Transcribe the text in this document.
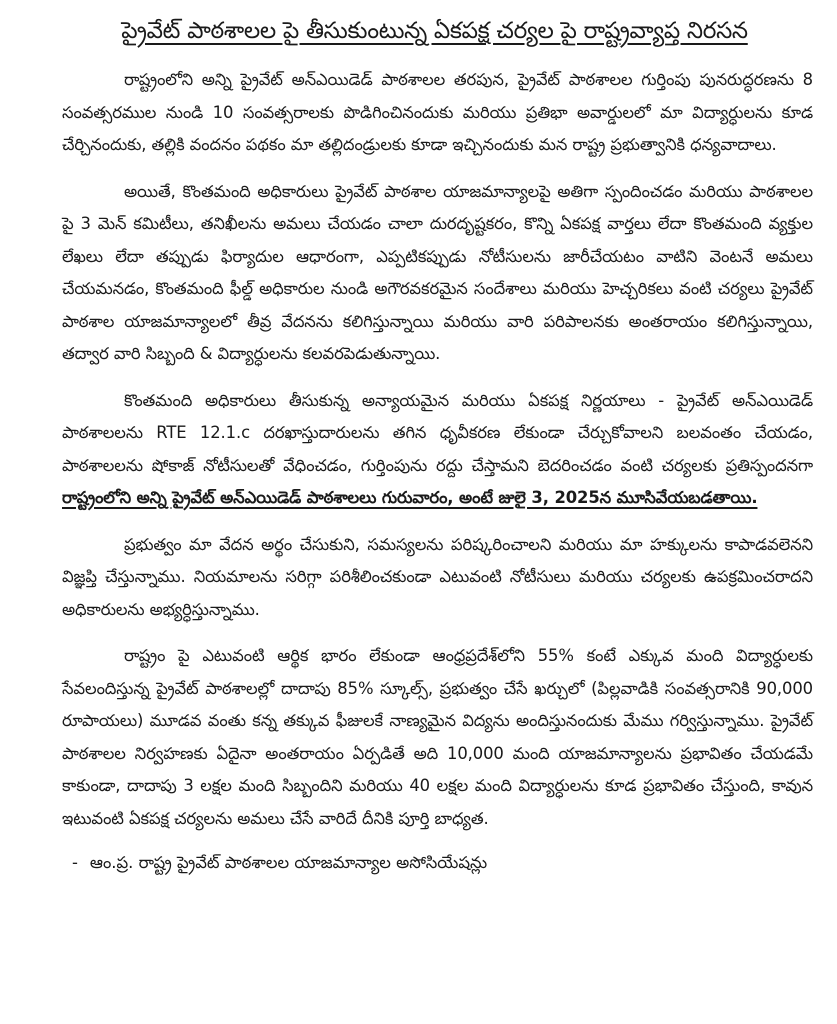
ప్రైవేట్ పాఠశాలల పై తీసుకుంటున్న ఏకపక్ష చర్యల పై రాష్ట్రవ్యాప్త నిరసన

రాష్ట్రంలోని అన్ని ప్రైవేట్ అన్‌ఎయిడెడ్ పాఠశాలల తరపున, ప్రైవేట్ పాఠశాలల గుర్తింపు పునరుద్ధరణను 8 సంవత్సరముల నుండి 10 సంవత్సరాలకు పొడిగించినందుకు మరియు ప్రతిభా అవార్డులలో మా విద్యార్ధులను కూడ చేర్చినందుకు, తల్లికి వందనం పథకం మా తల్లిదండ్రులకు కూడా ఇచ్చినందుకు మన రాష్ట్ర ప్రభుత్వానికి ధన్యవాదాలు.

అయితే, కొంతమంది అధికారులు ప్రైవేట్ పాఠశాల యాజమాన్యాలపై అతిగా స్పందించడం మరియు పాఠశాలల పై 3 మెన్ కమిటీలు, తనిఖీలను అమలు చేయడం చాలా దురదృష్టకరం, కొన్ని ఏకపక్ష వార్తలు లేదా కొంతమంది వ్యక్తుల లేఖలు లేదా తప్పుడు ఫిర్యాదుల ఆధారంగా, ఎప్పటికప్పుడు నోటీసులను జారీచేయటం వాటిని వెంటనే అమలు చేయమనడం, కొంతమంది ఫీల్డ్ అధికారుల నుండి అగౌరవకరమైన సందేశాలు మరియు హెచ్చరికలు వంటి చర్యలు ప్రైవేట్ పాఠశాల యాజమాన్యాలలో తీవ్ర వేదనను కలిగిస్తున్నాయి మరియు వారి పరిపాలనకు అంతరాయం కలిగిస్తున్నాయి, తద్వార వారి సిబ్బంది & విద్యార్ధులను కలవరపెడుతున్నాయి.

కొంతమంది అధికారులు తీసుకున్న అన్యాయమైన మరియు ఏకపక్ష నిర్ణయాలు - ప్రైవేట్ అన్‌ఎయిడెడ్ పాఠశాలలను RTE 12.1.c దరఖాస్తుదారులను తగిన ధృవీకరణ లేకుండా చేర్చుకోవాలని బలవంతం చేయడం, పాఠశాలలను షోకాజ్ నోటీసులతో వేధించడం, గుర్తింపును రద్దు చేస్తామని బెదరించడం వంటి చర్యలకు ప్రతిస్పందనగా రాష్ట్రంలోని అన్ని ప్రైవేట్ అన్‌ఎయిడెడ్ పాఠశాలలు గురువారం, అంటే జులై 3, 2025న మూసివేయబడతాయి.

ప్రభుత్వం మా వేదన అర్థం చేసుకుని, సమస్యలను పరిష్కరించాలని మరియు మా హక్కులను కాపాడవలెనని విజ్ఞప్తి చేస్తున్నాము. నియమాలను సరిగ్గా పరిశీలించకుండా ఎటువంటి నోటీసులు మరియు చర్యలకు ఉపక్రమించరాదని అధికారులను అభ్యర్ధిస్తున్నాము.

రాష్ట్రం పై ఎటువంటి ఆర్థిక భారం లేకుండా ఆంధ్రప్రదేశ్‌లోని 55% కంటే ఎక్కువ మంది విద్యార్ధులకు సేవలందిస్తున్న ప్రైవేట్ పాఠశాలల్లో దాదాపు 85% స్కూల్స్, ప్రభుత్వం చేసే ఖర్చులో (పిల్లవాడికి సంవత్సరానికి 90,000 రూపాయలు) మూడవ వంతు కన్న తక్కువ ఫీజులకే నాణ్యమైన విద్యను అందిస్తునందుకు మేము గర్విస్తున్నాము. ప్రైవేట్ పాఠశాలల నిర్వహణకు ఏదైనా అంతరాయం ఏర్పడితే అది 10,000 మంది యాజమాన్యాలను ప్రభావితం చేయడమే కాకుండా, దాదాపు 3 లక్షల మంది సిబ్బందిని మరియు 40 లక్షల మంది విద్యార్ధులను కూడ ప్రభావితం చేస్తుంది, కావున ఇటువంటి ఏకపక్ష చర్యలను అమలు చేసే వారిదే దీనికి పూర్తి బాధ్యత.

- ఆం.ప్ర. రాష్ట్ర ప్రైవేట్ పాఠశాలల యాజమాన్యాల అసోసియేషన్లు
